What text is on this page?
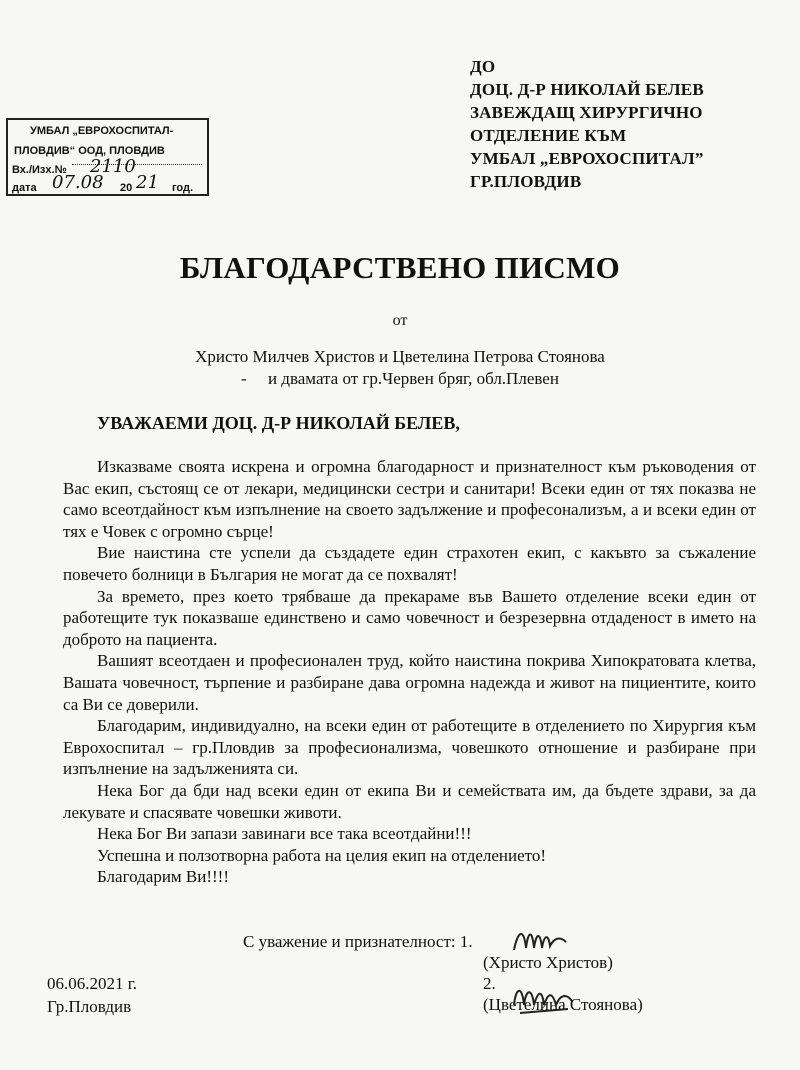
УМБАЛ „ЕВРОХОСПИТАЛ-
ПЛОВДИВ“ ООД, ПЛОВДИВ
Вх./Изх.№ 2110
дата 07.08 20 21 год.
ДО
ДОЦ. Д-Р НИКОЛАЙ БЕЛЕВ
ЗАВЕЖДАЩ ХИРУРГИЧНО
ОТДЕЛЕНИЕ КЪМ
УМБАЛ „ЕВРОХОСПИТАЛ”
ГР.ПЛОВДИВ
БЛАГОДАРСТВЕНО ПИСМО
от
Христо Милчев Христов и Цветелина Петрова Стоянова
-     и двамата от гр.Червен бряг, обл.Плевен
УВАЖАЕМИ ДОЦ. Д-Р НИКОЛАЙ БЕЛЕВ,

Изказваме своята искрена и огромна благодарност и признателност към ръководения от Вас екип, състоящ се от лекари, медицински сестри и санитари! Всеки един от тях показва не само всеотдайност към изпълнение на своето задължение и професонализъм, а и всеки един от тях е Човек с огромно сърце!

Вие наистина сте успели да създадете един страхотен екип, с какъвто за съжаление повечето болници в България не могат да се похвалят!

За времето, през което трябваше да прекараме във Вашето отделение всеки един от работещите тук показваше единствено и само човечност и безрезервна отдаденост в името на доброто на пациента.

Вашият всеотдаен и професионален труд, който наистина покрива Хипократовата клетва, Вашата човечност, търпение и разбиране дава огромна надежда и живот на пициентите, които са Ви се доверили.

Благодарим, индивидуално, на всеки един от работещите в отделението по Хирургия към Еврохоспитал – гр.Пловдив за професионализма, човешкото отношение и разбиране при изпълнение на задълженията си.

Нека Бог да бди над всеки един от екипа Ви и семействата им, да бъдете здрави, за да лекувате и спасявате човешки животи.

Нека Бог Ви запази завинаги все така всеотдайни!!!
Успешна и ползотворна работа на целия екип на отделението!
Благодарим Ви!!!!
С уважение и признателност: 1.
(Христо Христов)
2.
(Цветелина Стоянова)
06.06.2021 г.
Гр.Пловдив
